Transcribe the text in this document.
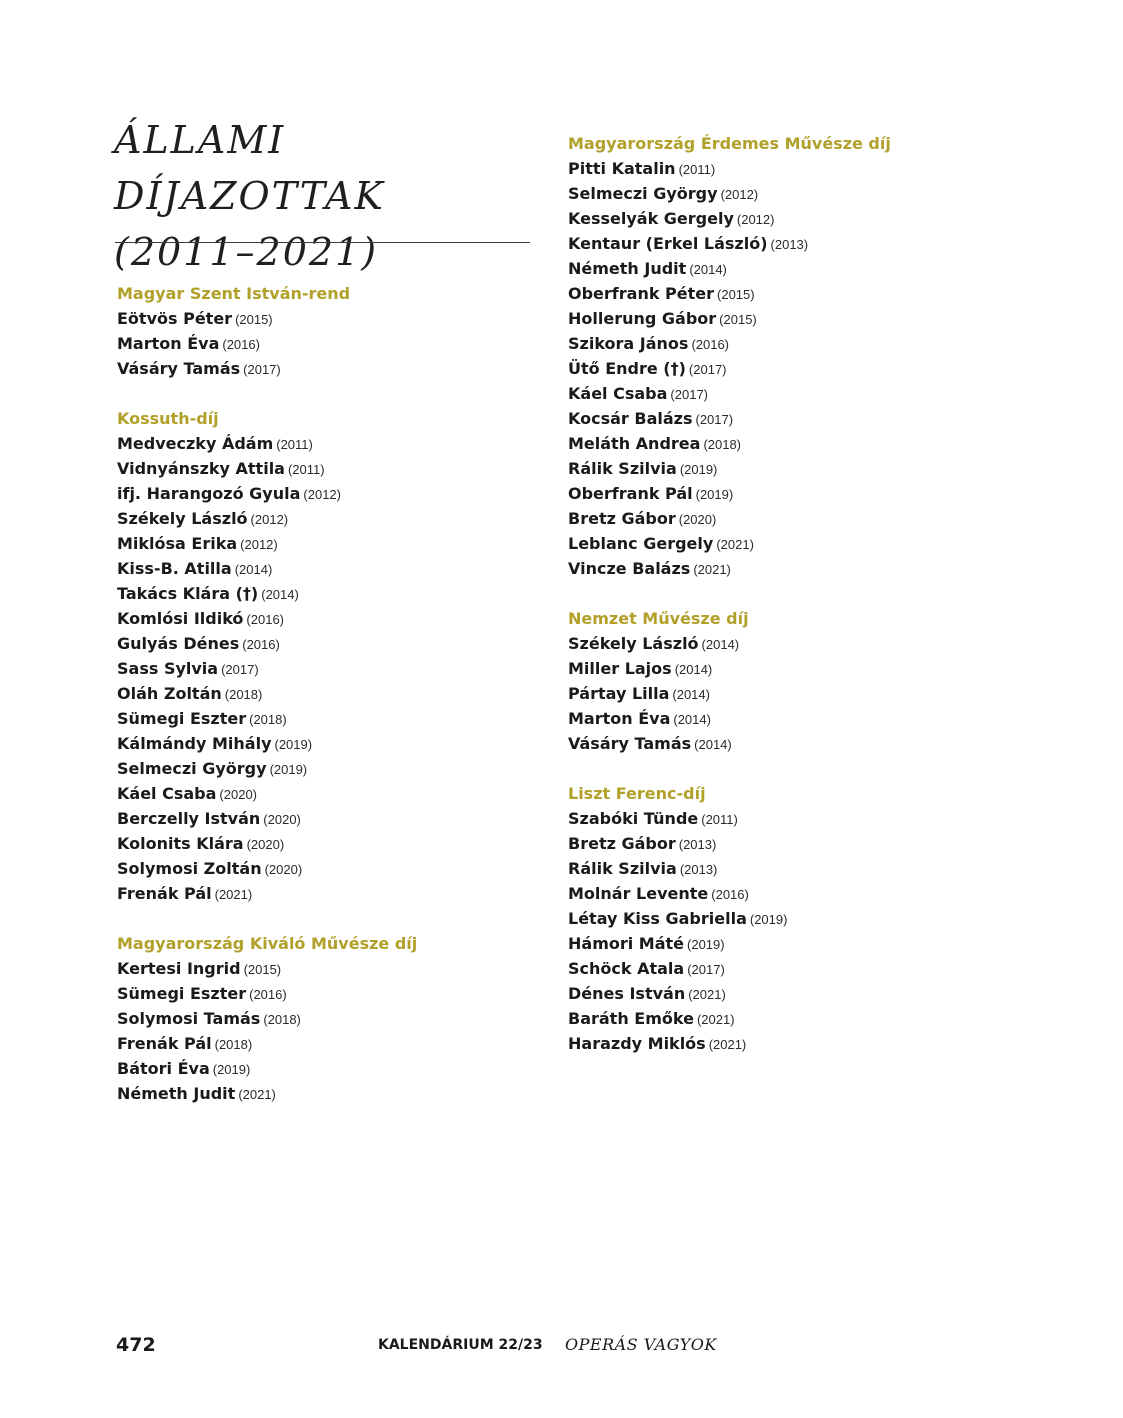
ÁLLAMI DÍJAZOTTAK
(2011–2021)
Magyar Szent István-rend
Eötvös Péter (2015)
Marton Éva (2016)
Vásáry Tamás (2017)
Kossuth-díj
Medveczky Ádám (2011)
Vidnyánszky Attila (2011)
ifj. Harangozó Gyula (2012)
Székely László (2012)
Miklósa Erika (2012)
Kiss-B. Atilla (2014)
Takács Klára (†) (2014)
Komlósi Ildikó (2016)
Gulyás Dénes (2016)
Sass Sylvia (2017)
Oláh Zoltán (2018)
Sümegi Eszter (2018)
Kálmándy Mihály (2019)
Selmeczi György (2019)
Káel Csaba (2020)
Berczelly István (2020)
Kolonits Klára (2020)
Solymosi Zoltán (2020)
Frenák Pál (2021)
Magyarország Kiváló Művésze díj
Kertesi Ingrid (2015)
Sümegi Eszter (2016)
Solymosi Tamás (2018)
Frenák Pál (2018)
Bátori Éva (2019)
Németh Judit (2021)
Magyarország Érdemes Művésze díj
Pitti Katalin (2011)
Selmeczi György (2012)
Kesselyák Gergely (2012)
Kentaur (Erkel László) (2013)
Németh Judit (2014)
Oberfrank Péter (2015)
Hollerung Gábor (2015)
Szikora János (2016)
Ütő Endre (†) (2017)
Káel Csaba (2017)
Kocsár Balázs (2017)
Meláth Andrea (2018)
Rálik Szilvia (2019)
Oberfrank Pál (2019)
Bretz Gábor (2020)
Leblanc Gergely (2021)
Vincze Balázs (2021)
Nemzet Művésze díj
Székely László (2014)
Miller Lajos (2014)
Pártay Lilla (2014)
Marton Éva (2014)
Vásáry Tamás (2014)
Liszt Ferenc-díj
Szabóki Tünde (2011)
Bretz Gábor (2013)
Rálik Szilvia (2013)
Molnár Levente (2016)
Létay Kiss Gabriella (2019)
Hámori Máté (2019)
Schöck Atala (2017)
Dénes István (2021)
Baráth Emőke (2021)
Harazdy Miklós (2021)
472	KALENDÁRIUM 22/23 OPERÁS VAGYOK
